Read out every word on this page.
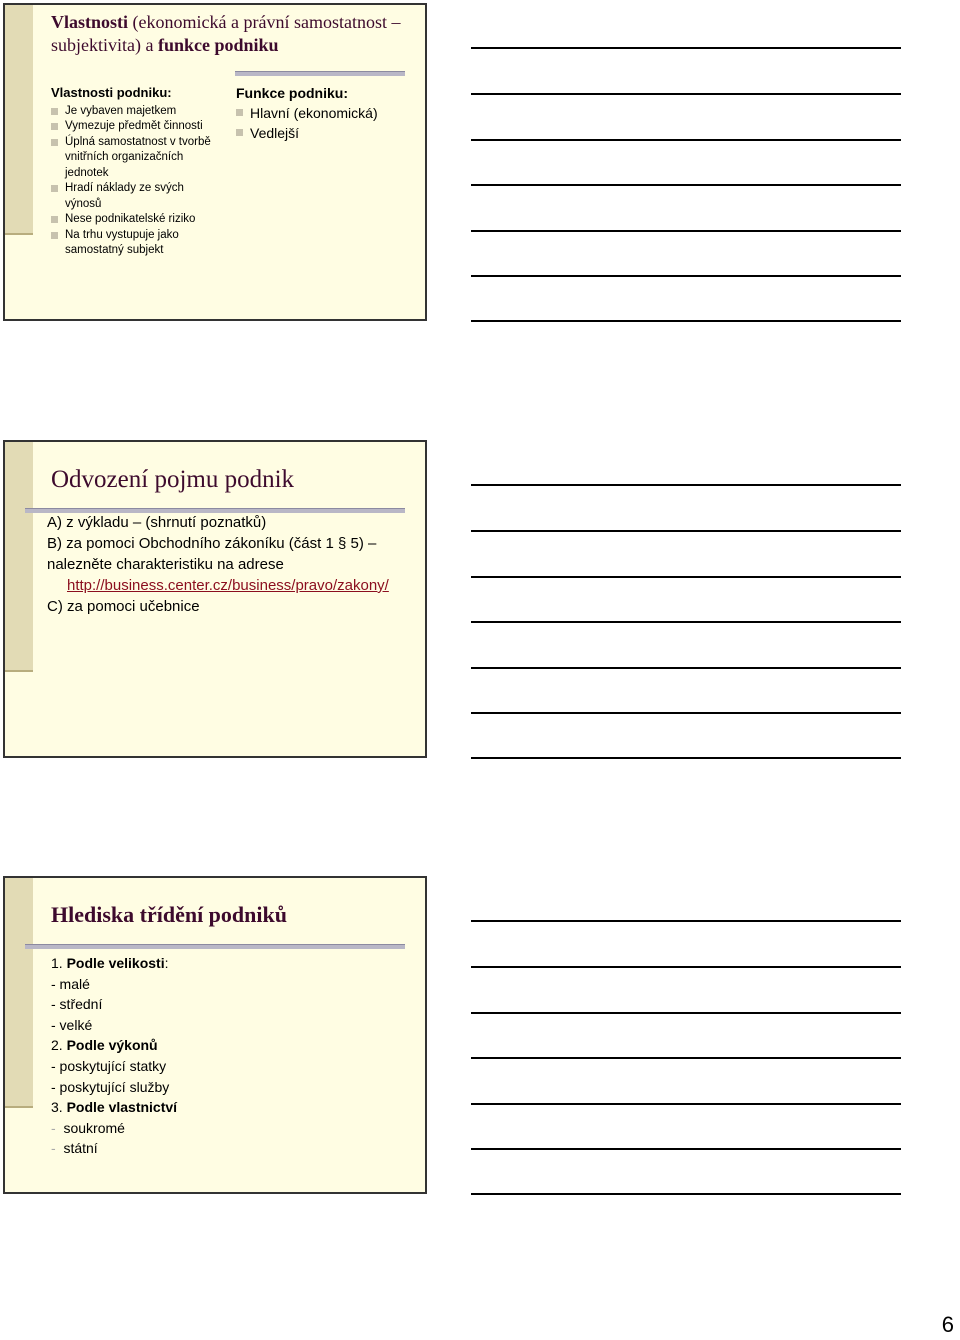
Vlastnosti (ekonomická a právní samostatnost – subjektivita) a funkce podniku
Vlastnosti podniku:
Je vybaven majetkem
Vymezuje předmět činnosti
Úplná samostatnost v tvorbě vnitřních organizačních jednotek
Hradí náklady ze svých výnosů
Nese podnikatelské riziko
Na trhu vystupuje jako samostatný subjekt
Funkce podniku:
Hlavní (ekonomická)
Vedlejší
Odvození pojmu podnik
A) z výkladu – (shrnutí poznatků)
B) za pomoci Obchodního zákoníku (část 1 § 5) – nalezněte charakteristiku na adrese
http://business.center.cz/business/pravo/zakony/
C) za pomoci učebnice
Hlediska třídění podniků
1. Podle velikosti:
- malé
- střední
- velké
2. Podle výkonů
- poskytující statky
- poskytující služby
3. Podle vlastnictví
- soukromé
- státní
6
